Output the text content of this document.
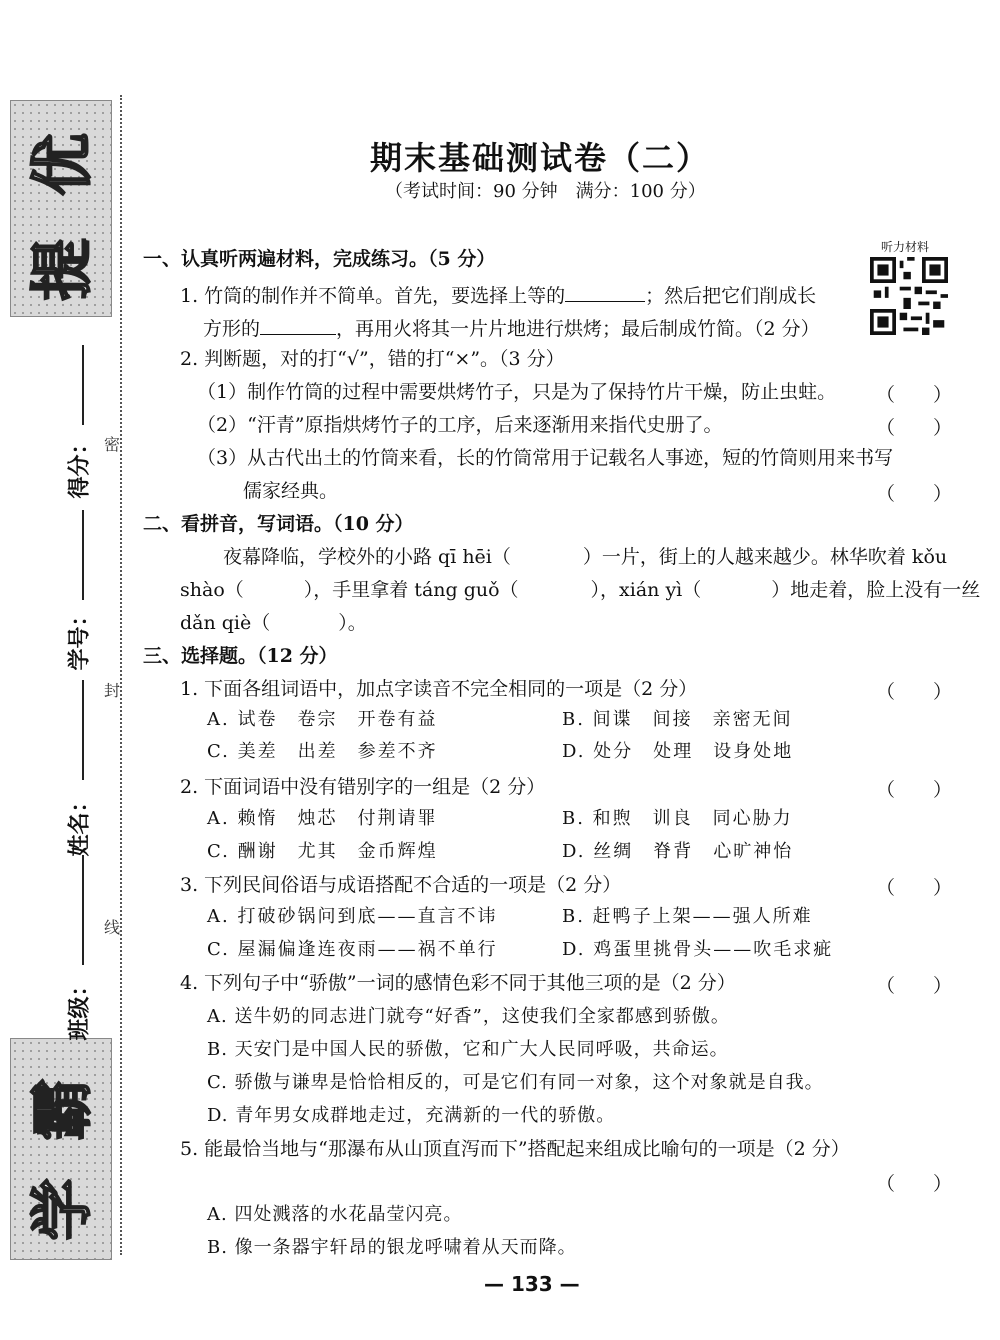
提
优
学
霸
得分：
学号：
姓名：
班级：
密
封
线
期末基础测试卷（二）
（考试时间：90 分钟　满分：100 分）
听力材料
一、认真听两遍材料，完成练习。（5 分）
1. 竹筒的制作并不简单。首先，要选择上等的	；然后把它们削成长
方形的	，再用火将其一片片地进行烘烤；最后制成竹简。（2 分）
2. 判断题，对的打“√”，错的打“×”。（3 分）
（1）制作竹筒的过程中需要烘烤竹子，只是为了保持竹片干燥，防止虫蛀。 （　　）
（2）“汗青”原指烘烤竹子的工序，后来逐渐用来指代史册了。	（　　）
（3）从古代出土的竹筒来看，长的竹筒常用于记载名人事迹，短的竹筒则用来书写
儒家经典。	（　　）
二、看拼音，写词语。（10 分）
夜幕降临，学校外的小路 qī hēi（	）一片，街上的人越来越少。林华吹着 kǒu
shào（	），手里拿着 táng guǒ（	），xián yì（	）地走着，脸上没有一丝
dǎn qiè（	）。
三、选择题。（12 分）
1. 下面各组词语中，加点字读音不完全相同的一项是（2 分）	（　　）
A. 试卷　卷宗　开卷有益	B. 间谍　间接　亲密无间
C. 美差　出差　参差不齐	D. 处分　处理　设身处地
2. 下面词语中没有错别字的一组是（2 分）	（　　）
A. 赖惰　烛芯　付荆请罪	B. 和煦　训良　同心胁力
C. 酬谢　尤其　金币辉煌	D. 丝绸　脊背　心旷神怡
3. 下列民间俗语与成语搭配不合适的一项是（2 分）	（　　）
A. 打破砂锅问到底——直言不讳	B. 赶鸭子上架——强人所难
C. 屋漏偏逢连夜雨——祸不单行	D. 鸡蛋里挑骨头——吹毛求疵
4. 下列句子中“骄傲”一词的感情色彩不同于其他三项的是（2 分）	（　　）
A. 送牛奶的同志进门就夸“好香”，这使我们全家都感到骄傲。
B. 天安门是中国人民的骄傲，它和广大人民同呼吸，共命运。
C. 骄傲与谦卑是恰恰相反的，可是它们有同一对象，这个对象就是自我。
D. 青年男女成群地走过，充满新的一代的骄傲。
5. 能最恰当地与“那瀑布从山顶直泻而下”搭配起来组成比喻句的一项是（2 分）
（　　）
A. 四处溅落的水花晶莹闪亮。
B. 像一条器宇轩昂的银龙呼啸着从天而降。
— 133 —
